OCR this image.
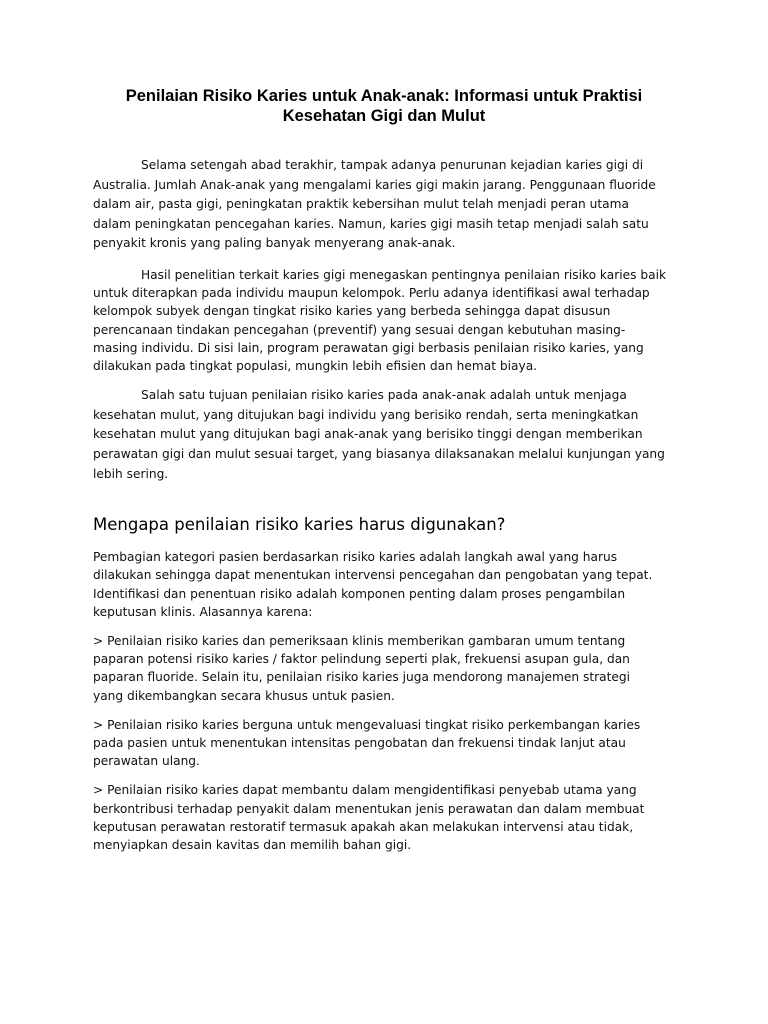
Penilaian Risiko Karies untuk Anak-anak: Informasi untuk Praktisi
Kesehatan Gigi dan Mulut

Selama setengah abad terakhir, tampak adanya penurunan kejadian karies gigi di
Australia. Jumlah Anak-anak yang mengalami karies gigi makin jarang. Penggunaan fluoride
dalam air, pasta gigi, peningkatan praktik kebersihan mulut telah menjadi peran utama
dalam peningkatan pencegahan karies. Namun, karies gigi masih tetap menjadi salah satu
penyakit kronis yang paling banyak menyerang anak-anak.

Hasil penelitian terkait karies gigi menegaskan pentingnya penilaian risiko karies baik
untuk diterapkan pada individu maupun kelompok. Perlu adanya identifikasi awal terhadap
kelompok subyek dengan tingkat risiko karies yang berbeda sehingga dapat disusun
perencanaan tindakan pencegahan (preventif) yang sesuai dengan kebutuhan masing-
masing individu. Di sisi lain, program perawatan gigi berbasis penilaian risiko karies, yang
dilakukan pada tingkat populasi, mungkin lebih efisien dan hemat biaya.

Salah satu tujuan penilaian risiko karies pada anak-anak adalah untuk menjaga
kesehatan mulut, yang ditujukan bagi individu yang berisiko rendah, serta meningkatkan
kesehatan mulut yang ditujukan bagi anak-anak yang berisiko tinggi dengan memberikan
perawatan gigi dan mulut sesuai target, yang biasanya dilaksanakan melalui kunjungan yang
lebih sering.

Mengapa penilaian risiko karies harus digunakan?

Pembagian kategori pasien berdasarkan risiko karies adalah langkah awal yang harus
dilakukan sehingga dapat menentukan intervensi pencegahan dan pengobatan yang tepat.
Identifikasi dan penentuan risiko adalah komponen penting dalam proses pengambilan
keputusan klinis. Alasannya karena:

> Penilaian risiko karies dan pemeriksaan klinis memberikan gambaran umum tentang
paparan potensi risiko karies / faktor pelindung seperti plak, frekuensi asupan gula, dan
paparan fluoride. Selain itu, penilaian risiko karies juga mendorong manajemen strategi
yang dikembangkan secara khusus untuk pasien.

> Penilaian risiko karies berguna untuk mengevaluasi tingkat risiko perkembangan karies
pada pasien untuk menentukan intensitas pengobatan dan frekuensi tindak lanjut atau
perawatan ulang.

> Penilaian risiko karies dapat membantu dalam mengidentifikasi penyebab utama yang
berkontribusi terhadap penyakit dalam menentukan jenis perawatan dan dalam membuat
keputusan perawatan restoratif termasuk apakah akan melakukan intervensi atau tidak,
menyiapkan desain kavitas dan memilih bahan gigi.
